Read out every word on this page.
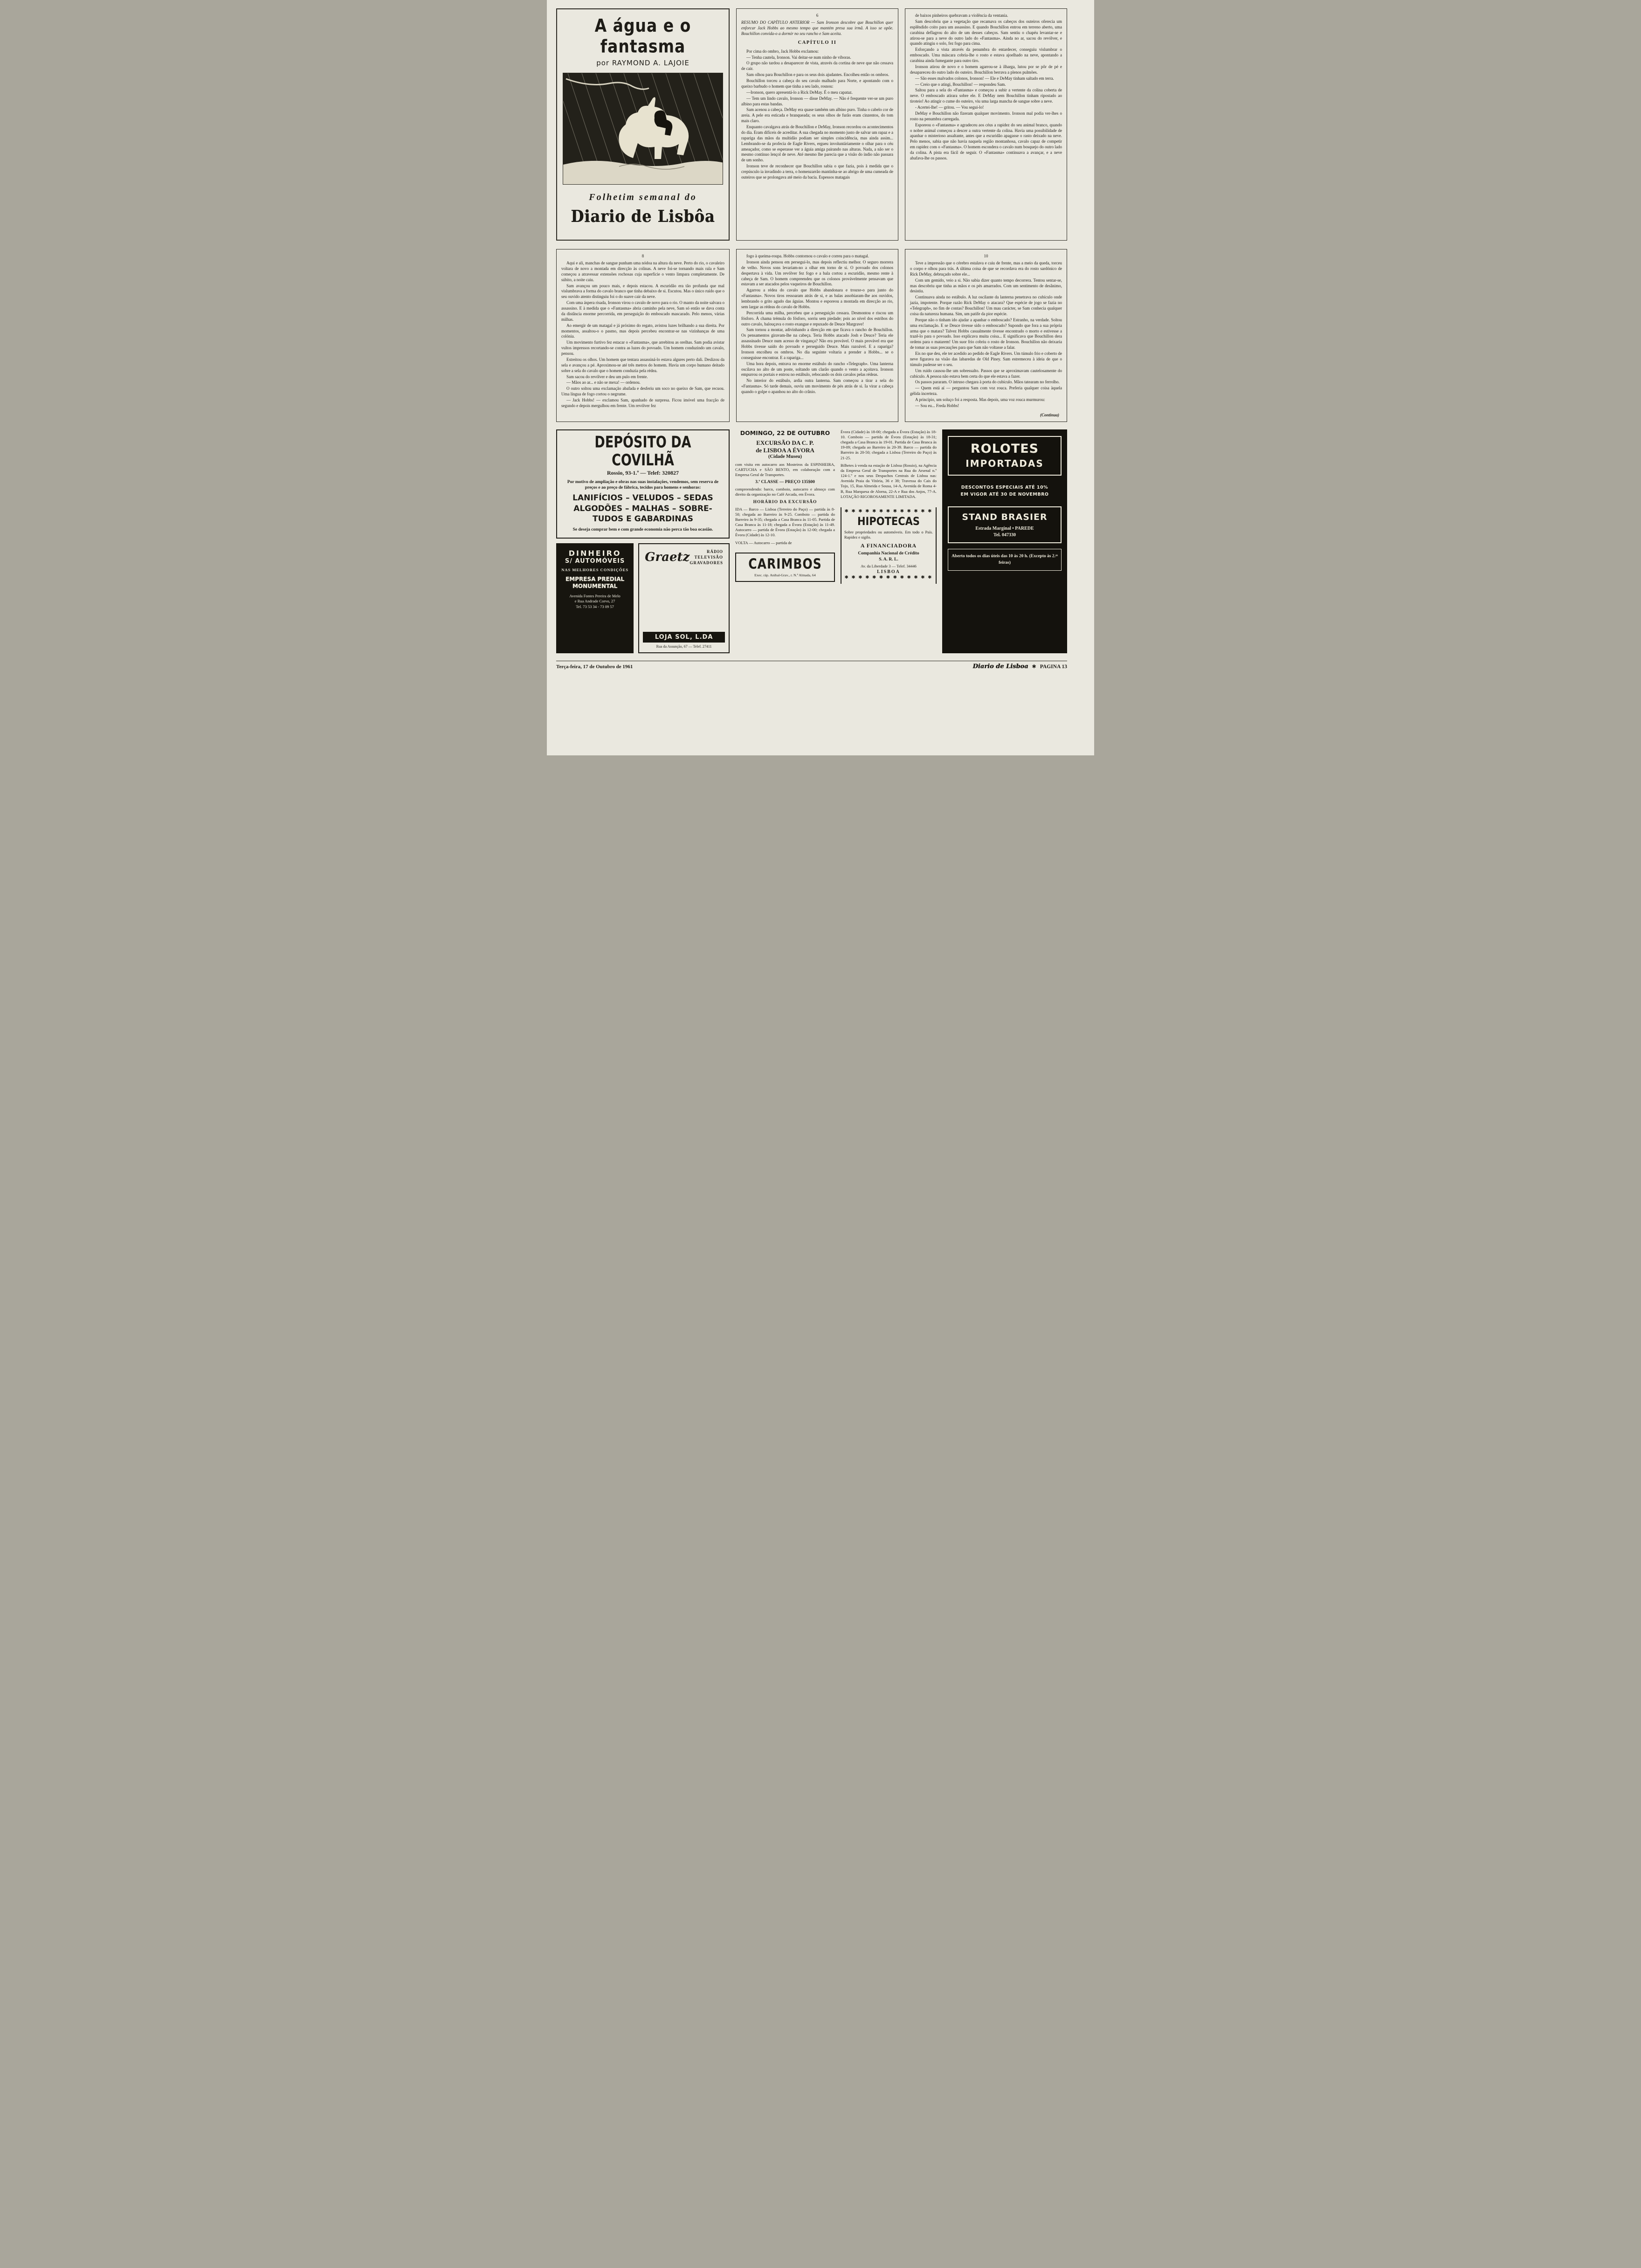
A água e o fantasma
por RAYMOND A. LAJOIE
Folhetim semanal do
Diario de Lisbôa
6

RESUMO DO CAPÍTULO ANTERIOR — Sam Ironson descobre que Bouchillon quer enforcar Jack Hobbs ao mesmo tempo que mantém presa sua irmã. A isso se opõe. Bouchillon convida-o a dormir no seu rancho e Sam aceita.

CAPÍTULO II

Por cima do ombro, Jack Hobbs exclamou:

— Tenha cautela, Ironson. Vai deitar-se num ninho de víboras.

O grupo não tardou a desaparecer de vista, através da cortina de neve que não cessava de cair.

Sam olhou para Bouchillon e para os seus dois ajudantes. Encolheu então os ombros.

Bouchillon torceu a cabeça do seu cavalo malhado para Norte, e apontando com o queixo barbudo o homem que tinha a seu lado, rosnou:

—Ironson, quero apresentá-lo a Rick DeMay. É o meu capataz.

— Tem um lindo cavalo, Ironson — disse DeMay. — Não é frequente ver-se um puro albino para estas bandas.

Sam acenou a cabeça. DeMay era quase também um albino puro. Tinha o cabelo cor de areia. A pele era esticada e branqueada; os seus olhos de furão eram cinzentos, do tom mais claro.

Enquanto cavalgava atrás de Bouchillon e DeMay, Ironson recordou os acontecimentos do dia. Eram difíceis de acreditar. A sua chegada no momento justo de salvar um rapaz e a rapariga das mãos da multidão podiam ser simples coincidência, mas ainda assim... Lembrando-se da profecia de Eagle Rivers, ergueu involuntáriamente o olhar para o céu ameaçador, como se esperasse ver a águia amiga pairando nas alturas. Nada, a não ser o mesmo contínuo lençol de neve. Até mesmo lhe parecia que a visão do índio não passara de um sonho.

Ironson teve de reconhecer que Bouchillon sabia o que fazia, pois à medida que o crepúsculo ia invadindo a terra, o homenzarrão mantinha-se ao abrigo de uma cumeada de outeiros que se prolongava até meio da bacia. Espessos matagais

de baixos pinheiros quebravam a violência da ventania.

Sam descobriu que a vegetação que recamava os cabeços dos outeiros oferecia um esplêndido coito para um assassino. E quando Bouchillon entrou em terreno aberto, uma carabina deflagrou do alto de um desses cabeços. Sam sentiu o chapéu levantar-se e atirou-se para a neve do outro lado do «Fantasma». Ainda no ar, sacou do revólver, e quando atingiu o solo, fez fogo para cima.

Esforçando a vista através da penumbra do entardecer, conseguiu vislumbrar o emboscado. Uma máscara cobria-lhe o rosto e estava ajoelhado na neve, apontando a carabina ainda fumegante para outro tiro.

Ironson atirou de novo e o homem agarrou-se à ilharga, lutou por se pôr de pé e desapareceu do outro lado do outeiro. Bouchillon berrava a plenos pulmões.

— São esses malvados colonos, Ironson! — Ele e DeMay tinham saltado em terra.

— Creio que o atingi, Bouchillon! — respondeu Sam.

Saltou para a sela do «Fantasma» e começou a subir a vertente da colina coberta de neve. O emboscado atirara sobre ele. E DeMay nem Bouchillon tinham ripostado ao tiroteio! Ao atingir o cume do outeiro, viu uma larga mancha de sangue sobre a neve.

- Acertei-lhe! — gritou. — Vou segui-lo!

DeMay e Bouchillon não fizeram qualquer movimento. Ironson mal podia ver-lhes o rosto na penumbra carregada.

Esporeou o «Fantasma» e agradeceu aos céus a rapidez do seu animal branco, quando o nobre animal começou a descer a outra vertente da colina. Havia uma possibilidade de apanhar o misterioso assaltante, antes que a escuridão apagasse o rasto deixado na neve. Pelo menos, sabia que não havia naquela região montanhosa, cavalo capaz de competir em rapidez com o «Fantasma». O homem escondera o cavalo num bosquejo do outro lado da colina. A pista era fácil de seguir. O «Fantasma» continuava a avançar, e a neve abafava-lhe os passos.

8

Aqui e ali, manchas de sangue punham uma nódoa na altura da neve. Perto do rio, o cavaleiro voltara de novo a montada em direcção às colinas. A neve foi-se tornando mais rala e Sam começou a atravessar extensões rochosas cuja superfície o vento limpara completamente. De súbito, a noite caiu.

Sam avançou um pouco mais, e depois estacou. A escuridão era tão profunda que mal vislumbrava a forma do cavalo branco que tinha debaixo de si. Escutou. Mas o único ruído que o seu ouvido atento distinguiu foi o do suave cair da neve.

Com uma áspera risada, Ironson virou o cavalo de novo para o rio. O manto da noite salvara o assassino. E à medida que o «Fantasma» abria caminho pela neve, Sam só então se dava conta da distância enorme percorrida, em perseguição do emboscado mascarado. Pelo menos, várias milhas.

Ao emergir de um matagal e já próximo do regato, avistou luzes brilhando a sua direita. Por momentos, assaltou-o o pasmo, mas depois percebeu encontrar-se nas vizinhanças de uma colónia.

Um movimento furtivo fez estacar o «Fantasma», que arrebitou as orelhas. Sam podia avistar vultos impressos recortando-se contra as luzes do povoado. Um homem conduzindo um cavalo, pensou.

Estreitou os olhos. Um homem que tentara assassiná-lo estava algures perto dali. Deslizou da sela e avançou a pé. Aproximou-se até três metros do homem. Havia um corpo humano deitado sobre a sela do cavalo que o homem conduzia pela rédea.

Sam sacou do revólver e deu um pulo em frente.

— Mãos ao ar... e não se mexa! — ordenou.

O outro soltou uma exclamação abafada e desferiu um soco no queixo de Sam, que recuou. Uma língua de fogo cortou o negrume.

— Jack Hobbs! — exclamou Sam, apanhado de surpresa. Ficou imóvel uma fracção de segundo e depois mergulhou em frente. Um revólver fez

fogo à queima-roupa. Hobbs contornou o cavalo e correu para o matagal.

Ironson ainda pensou em persegui-lo, mas depois reflectiu melhor. O seguro morrera de velho. Novos sons levariam-no a olhar em torno de si. O povoado dos colonos despertava à vida. Um revólver fez fogo e a bala cortou a escuridão, mesmo rente à cabeça de Sam. O homem compreendeu que os colonos provávelmente pensavam que estavam a ser atacados pelos vaqueiros de Bouchillon.

Agarrou a rédea do cavalo que Hobbs abandonara e trouxe-o para junto do «Fantasma». Novos tiros ressoaram atrás de si, e as balas assobiaram-lhe aos ouvidos, lembrando o grito agudo das águias. Montou e esporeou a montada em direcção ao rio, sem largar as rédeas do cavalo de Hobbs.

Percorrida uma milha, percebeu que a perseguição cessara. Desmontou e riscou um fósforo. À chama trémula do fósforo, sorriu sem piedade; pois ao nível dos estribos do outro cavalo, balouçava o rosto exangue e repuxado de Deuce Margrave!

Sam tornou a montar, adivinhando a direcção em que ficava o rancho de Bouchillon. Os pensamentos giravam-lhe na cabeça. Teria Hobbs atacado Josh e Deuce? Teria ele assassinado Deuce num acesso de vingança? Não era provável. O mais provável era que Hobbs tivesse saído do povoado e perseguido Deuce. Mais razoável. E a rapariga? Ironson encolheu os ombros. No dia seguinte voltaria a prender a Hobbs... se o conseguisse encontrar. E a rapariga...

Uma hora depois, entrava no enorme estábulo do rancho «Telegraph». Uma lanterna oscilava no alto de um poste, soltando um clarão quando o vento a açoitava. Ironson empurrou os portais e entrou no estábulo, rebocando os dois cavalos pelas rédeas.

No interior do estábulo, ardia outra lanterna. Sam começou a tirar a sela do «Fantasma». Só tarde demais, ouviu um movimento de pés atrás de si. Ia virar a cabeça quando o golpe o apanhou no alto do crânio.

10

Teve a impressão que o cérebro estalava e caiu de frente, mas a meio da queda, torceu o corpo e olhou para trás. A última coisa de que se recordava era do rosto sardónico de Rick DeMay, debruçado sobre ele...

Com um gemido, veio a si. Não sabia dizer quanto tempo decorrera. Tentou sentar-se, mas descobriu que tinha as mãos e os pés amarrados. Com um sentimento de desânimo, desistiu.

Continuava ainda no estábulo. A luz oscilante da lanterna penetrava no cubículo onde jazia, impotente. Porque razão Rick DeMay o atacara? Que espécie de jogo se fazia no «Telegraph», no fim de contas? Bouchillon! Um mau carácter, se Sam conhecia qualquer coisa da natureza humana. Sim, um patife da pior espécie.

Porque não o tinham ido ajudar a apanhar o emboscado? Estranho, na verdade. Soltou uma exclamação. E se Deuce tivesse sido o emboscado? Supondo que fora a sua própria arma que o matara? Talvez Hobbs casualmente tivesse encontrado o morto e estivesse a trazê-lo para o povoado. Isso explicava muita coisa... E significava que Bouchillon dera ordens para o matarem! Um suor frio cobriu o rosto de Ironson. Bouchillon não deixaria de tomar as suas precauções para que Sam não voltasse a falar.

Eis no que deu, ele ter acedido ao pedido de Eagle Rivers. Um túmulo frio e coberto de neve figurava na visão das labaredas de Old Piney. Sam estremeceu à ideia de que o túmulo pudesse ser o seu.

Um ruído causou-lhe um sobressalto. Passos que se aproximavam cautelosamente do cubículo. A pessoa não estava bem certa do que ele estava a fazer.

Os passos pararam. O intruso chegara à porta do cubículo. Mãos tatearam no ferrolho.

— Quem está aí — perguntou Sam com voz rouca. Preferia qualquer coisa àquela gélida incerteza.

A princípio, um soluço foi a resposta. Mas depois, uma voz rouca murmurou:

— Sou eu... Freda Hobbs!

(Continua)
DEPÓSITO DA COVILHÃ
Rossio, 93-1.º — Telef: 320827

Por motivo de ampliação e obras nas suas instalações, vendemos, sem reserva de preços e ao preço de fábrica, tecidos para homens e senhoras:

LANIFÍCIOS – VELUDOS – SEDAS

ALGODÕES – MALHAS – SOBRE-

TUDOS E GABARDINAS

Se deseja comprar bem e com grande economia não perca tão boa ocasião.
DINHEIRO
S/ AUTOMÓVEIS
NAS MELHORES CONDIÇÕES
EMPRESA PREDIAL MONUMENTAL
Avenida Fontes Pereira de Melo
e Rua Andrade Corvo, 27
Tel. 73 53 34 - 73 09 57
Graetz	RÁDIO
TELEVISÃO
GRAVADORES
LOJA SOL, L.DA
Rua da Assunção, 67 — Telef. 27411
DOMINGO, 22 DE OUTUBRO
EXCURSÃO DA C. P.
de LISBOA A ÉVORA
(Cidade Museu)

com visita em autocarro aos Mosteiros da ESPINHEIRA, CARTUCHA e SÃO BENTO, em colaboração com a Empresa Geral de Transportes.

3.ª CLASSE — PREÇO 135$00

compreendendo: barco, comboio, autocarro e almoço com direito da organização no Café Arcada, em Évora.

HORÁRIO DA EXCURSÃO

IDA — Barco — Lisboa (Terreiro do Paço) — partida às 8-50; chegada ao Barreiro às 9-25. Comboio — partida do Barreiro às 9-35; chegada a Casa Branca às 11-05. Partida de Casa Branca às 11-18; chegada a Évora (Estação) às 11-49. Autocarro — partida de Évora (Estação) às 12-00; chegada a Évora (Cidade) às 12-10.

VOLTA — Autocarro — partida de

CARIMBOS
Exec. ráp. Anibal-Grav., r. N.ª Almada, 64

Évora (Cidade) às 18-00; chegada a Évora (Estação) às 18-10. Comboio — partida de Évora (Estação) às 18-31; chegada a Casa Branca às 19-01. Partida de Casa Branca às 19-09; chegada ao Barreiro às 20-39. Barco — partida do Barreiro às 20-50; chegada a Lisboa (Terreiro do Paço) às 21-25.

Bilhetes à venda na estação de Lisboa (Rossio), na Agência da Empresa Geral de Transportes na Rua do Arsenal n.º 124-1.º e nos seus Despachos Centrais de Lisboa nas: Avenida Praia da Vitória, 36 e 38; Travessa do Cais do Tojo, 15, Rua Almeida e Sousa, 14-A, Avenida de Roma 4-B, Rua Marquesa de Alorna, 22-A e Rua dos Anjos, 77-A. LOTAÇÃO RIGOROSAMENTE LIMITADA.

✱ ✱ ✱ ✱ ✱ ✱ ✱ ✱ ✱ ✱ ✱ ✱ ✱
HIPOTECAS

Sobre propriedades ou automóveis. Em todo o País. Rapidez e sigilo.

A FINANCIADORA
Companhia Nacional de Crédito
S. A. R. L.
Av. da Liberdade 3 — Telef. 34446
LISBOA
✱ ✱ ✱ ✱ ✱ ✱ ✱ ✱ ✱ ✱ ✱ ✱ ✱
ROLOTES
IMPORTADAS
DESCONTOS ESPECIAIS ATÉ 10%
EM VIGOR ATÉ 30 DE NOVEMBRO
STAND BRASIER
Estrada Marginal • PAREDE
Tel. 047330
Aberto todos os dias úteis das 10 às 20 h. (Excepto às 2.ᵃˢ feiras)
Terça-feira, 17 de Outubro de 1961	Diario de Lisboa ✱ PAGINA 13
